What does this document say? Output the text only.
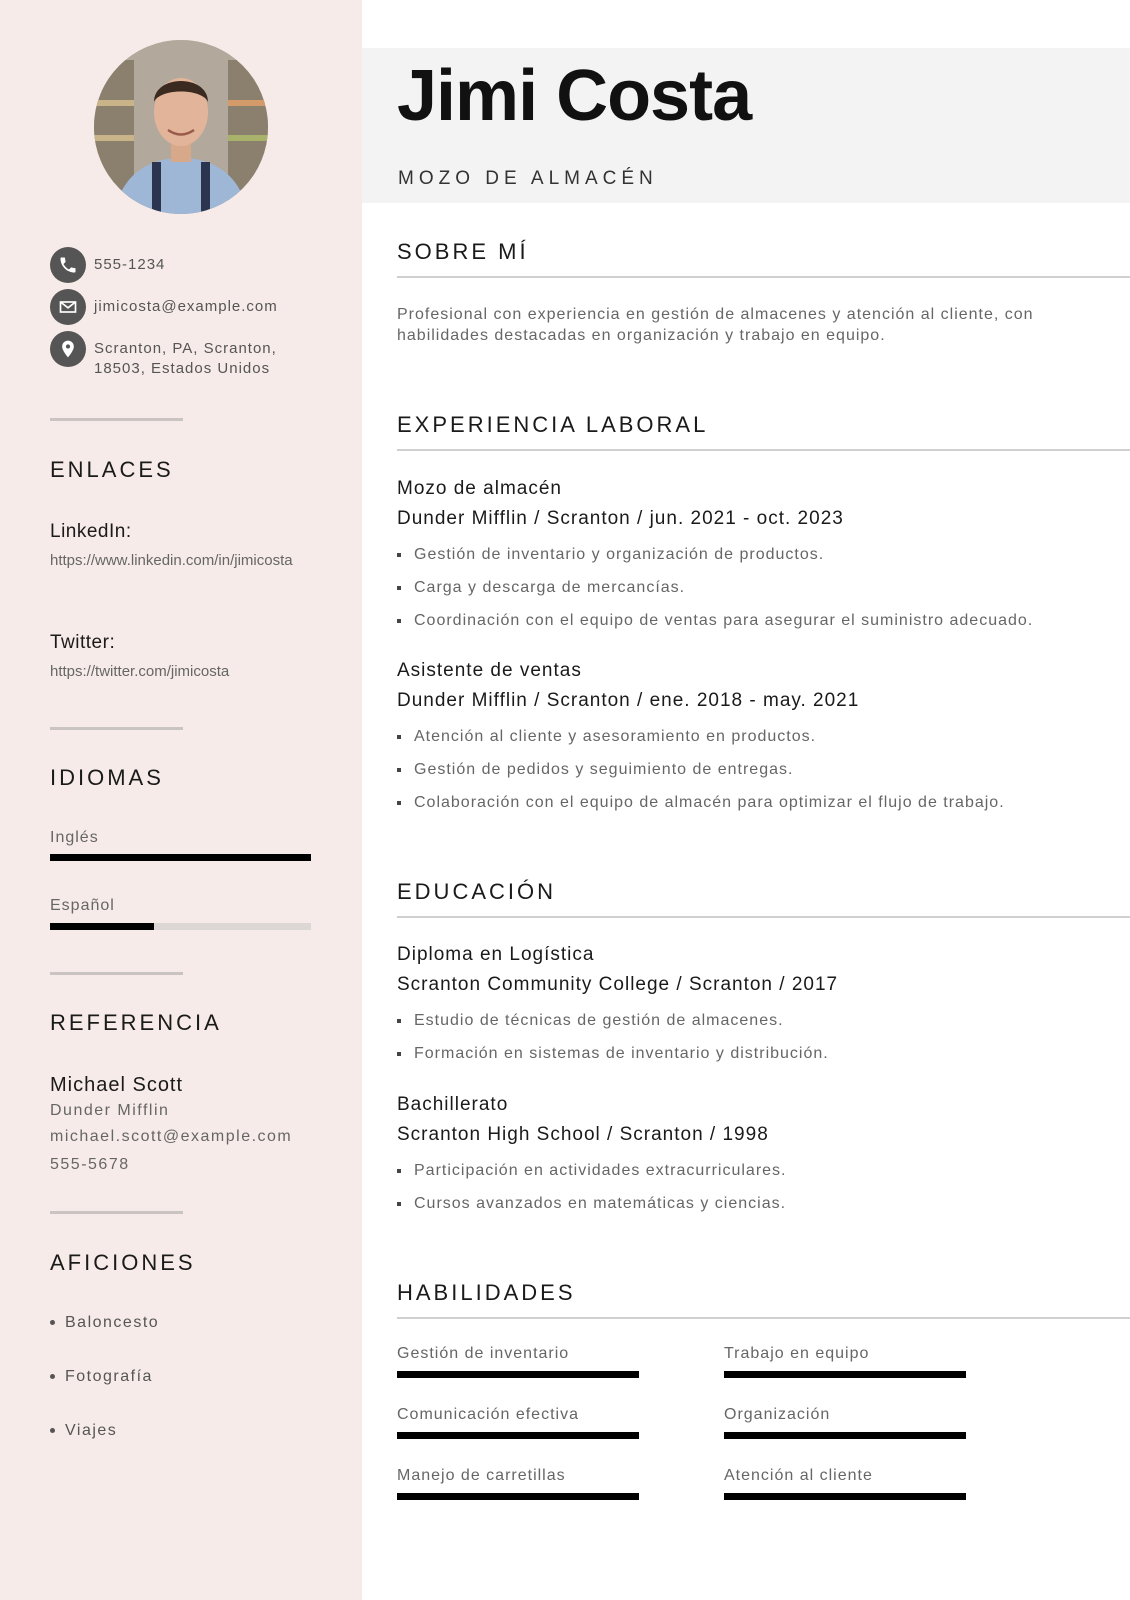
555-1234
jimicosta@example.com
Scranton, PA, Scranton,
18503, Estados Unidos
ENLACES
LinkedIn:
https://www.linkedin.com/in/jimicosta
Twitter:
https://twitter.com/jimicosta
IDIOMAS
Inglés
Español
REFERENCIA
Michael Scott
Dunder Mifflin
michael.scott@example.com
555-5678
AFICIONES
Baloncesto
Fotografía
Viajes
Jimi Costa
MOZO DE ALMACÉN
SOBRE MÍ
Profesional con experiencia en gestión de almacenes y atención al cliente, con habilidades destacadas en organización y trabajo en equipo.
EXPERIENCIA LABORAL
Mozo de almacén
Dunder Mifflin / Scranton / jun. 2021 - oct. 2023
Gestión de inventario y organización de productos.
Carga y descarga de mercancías.
Coordinación con el equipo de ventas para asegurar el suministro adecuado.
Asistente de ventas
Dunder Mifflin / Scranton / ene. 2018 - may. 2021
Atención al cliente y asesoramiento en productos.
Gestión de pedidos y seguimiento de entregas.
Colaboración con el equipo de almacén para optimizar el flujo de trabajo.
EDUCACIÓN
Diploma en Logística
Scranton Community College / Scranton / 2017
Estudio de técnicas de gestión de almacenes.
Formación en sistemas de inventario y distribución.
Bachillerato
Scranton High School / Scranton / 1998
Participación en actividades extracurriculares.
Cursos avanzados en matemáticas y ciencias.
HABILIDADES
Gestión de inventario	Trabajo en equipo
Comunicación efectiva	Organización
Manejo de carretillas	Atención al cliente
